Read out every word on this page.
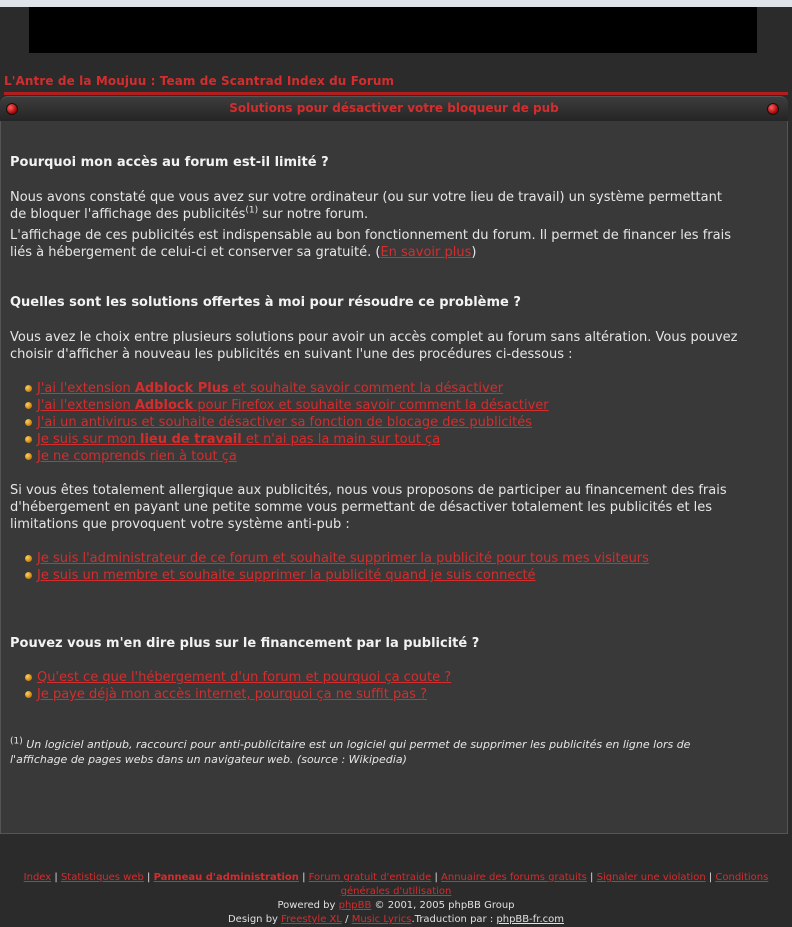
L'Antre de la Moujuu : Team de Scantrad Index du Forum
Solutions pour désactiver votre bloqueur de pub
Pourquoi mon accès au forum est-il limité ?

Nous avons constaté que vous avez sur votre ordinateur (ou sur votre lieu de travail) un système permettant
de bloquer l'affichage des publicités$^{(1)}$ sur notre forum.

L'affichage de ces publicités est indispensable au bon fonctionnement du forum. Il permet de financer les frais
liés à hébergement de celui-ci et conserver sa gratuité. (En savoir plus)

Quelles sont les solutions offertes à moi pour résoudre ce problème ?

Vous avez le choix entre plusieurs solutions pour avoir un accès complet au forum sans altération. Vous pouvez
choisir d'afficher à nouveau les publicités en suivant l'une des procédures ci-dessous :

J'ai l'extension Adblock Plus et souhaite savoir comment la désactiver
J'ai l'extension Adblock pour Firefox et souhaite savoir comment la désactiver
J'ai un antivirus et souhaite désactiver sa fonction de blocage des publicités
Je suis sur mon lieu de travail et n'ai pas la main sur tout ça
Je ne comprends rien à tout ça

Si vous êtes totalement allergique aux publicités, nous vous proposons de participer au financement des frais
d'hébergement en payant une petite somme vous permettant de désactiver totalement les publicités et les
limitations que provoquent votre système anti-pub :

Je suis l'administrateur de ce forum et souhaite supprimer la publicité pour tous mes visiteurs
Je suis un membre et souhaite supprimer la publicité quand je suis connecté
Pouvez vous m'en dire plus sur le financement par la publicité ?
Qu'est ce que l'hébergement d'un forum et pourquoi ça coute ?
Je paye déjà mon accès internet, pourquoi ça ne suffit pas ?
$^{(1)}$ Un logiciel antipub, raccourci pour anti-publicitaire est un logiciel qui permet de supprimer les publicités en ligne lors de
l'affichage de pages webs dans un navigateur web. (source : Wikipedia)
Index | Statistiques web | Panneau d'administration | Forum gratuit d'entraide | Annuaire des forums gratuits | Signaler une violation | Conditions générales d'utilisation
Powered by phpBB © 2001, 2005 phpBB Group
Design by Freestyle XL / Music Lyrics.Traduction par : phpBB-fr.com
